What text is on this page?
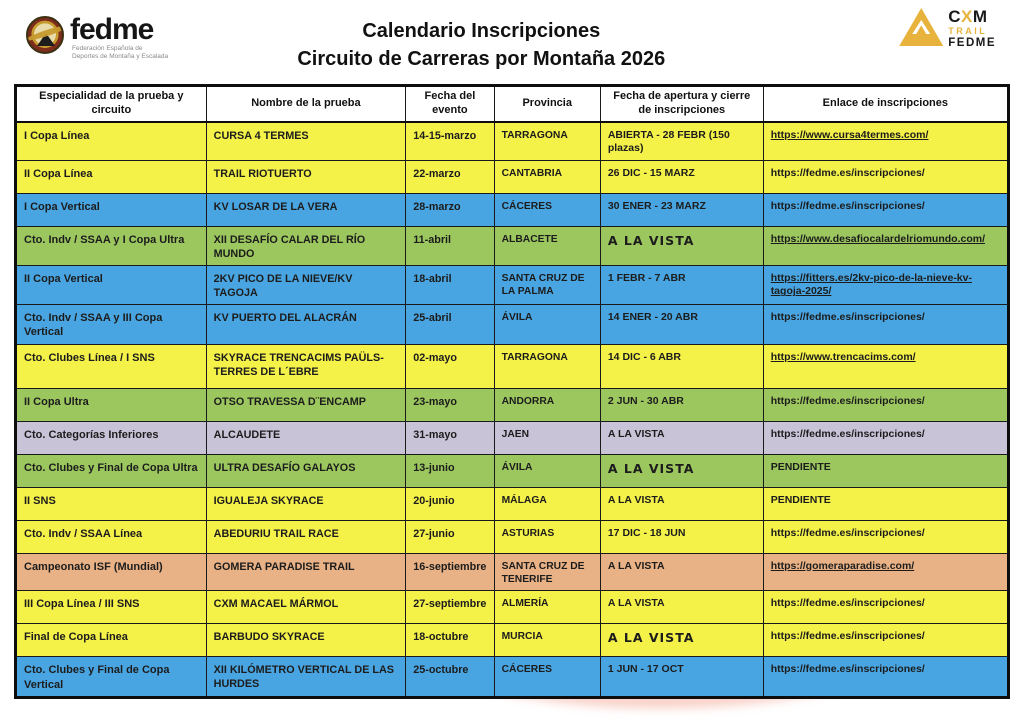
fedme
Federación Española de
Deportes de Montaña y Escalada
Calendario Inscripciones
Circuito de Carreras por Montaña 2026
CXM
TRAIL
FEDME
Especialidad de la prueba y circuito	Nombre de la prueba	Fecha del evento	Provincia	Fecha de apertura y cierre de inscripciones	Enlace de inscripciones
I Copa Línea	CURSA 4 TERMES	14-15-marzo	TARRAGONA	ABIERTA - 28 FEBR (150 plazas)	https://www.cursa4termes.com/
II Copa Línea	TRAIL RIOTUERTO	22-marzo	CANTABRIA	26 DIC - 15 MARZ	https://fedme.es/inscripciones/
I Copa Vertical	KV LOSAR DE LA VERA	28-marzo	CÁCERES	30 ENER - 23 MARZ	https://fedme.es/inscripciones/
Cto. Indv / SSAA y I Copa Ultra	XII DESAFÍO CALAR DEL RÍO MUNDO	11-abril	ALBACETE	A LA VISTA	https://www.desafiocalardelriomundo.com/
II Copa Vertical	2KV PICO DE LA NIEVE/KV TAGOJA	18-abril	SANTA CRUZ DE LA PALMA	1 FEBR - 7 ABR	https://fitters.es/2kv-pico-de-la-nieve-kv-tagoja-2025/
Cto. Indv / SSAA y III Copa Vertical	KV PUERTO DEL ALACRÁN	25-abril	ÁVILA	14 ENER - 20 ABR	https://fedme.es/inscripciones/
Cto. Clubes Línea / I SNS	SKYRACE TRENCACIMS PAÜLS-TERRES DE L´EBRE	02-mayo	TARRAGONA	14 DIC - 6 ABR	https://www.trencacims.com/
II Copa Ultra	OTSO TRAVESSA D¨ENCAMP	23-mayo	ANDORRA	2 JUN - 30 ABR	https://fedme.es/inscripciones/
Cto. Categorías Inferiores	ALCAUDETE	31-mayo	JAEN	A LA VISTA	https://fedme.es/inscripciones/
Cto. Clubes y Final de Copa Ultra	ULTRA DESAFÍO GALAYOS	13-junio	ÁVILA	A LA VISTA	PENDIENTE
II SNS	IGUALEJA SKYRACE	20-junio	MÁLAGA	A LA VISTA	PENDIENTE
Cto. Indv / SSAA Línea	ABEDURIU TRAIL RACE	27-junio	ASTURIAS	17 DIC - 18 JUN	https://fedme.es/inscripciones/
Campeonato ISF (Mundial)	GOMERA PARADISE TRAIL	16-septiembre	SANTA CRUZ DE TENERIFE	A LA VISTA	https://gomeraparadise.com/
III Copa Línea / III SNS	CXM MACAEL MÁRMOL	27-septiembre	ALMERÍA	A LA VISTA	https://fedme.es/inscripciones/
Final de Copa Línea	BARBUDO SKYRACE	18-octubre	MURCIA	A LA VISTA	https://fedme.es/inscripciones/
Cto. Clubes y Final de Copa Vertical	XII KILÓMETRO VERTICAL DE LAS HURDES	25-octubre	CÁCERES	1 JUN - 17 OCT	https://fedme.es/inscripciones/
